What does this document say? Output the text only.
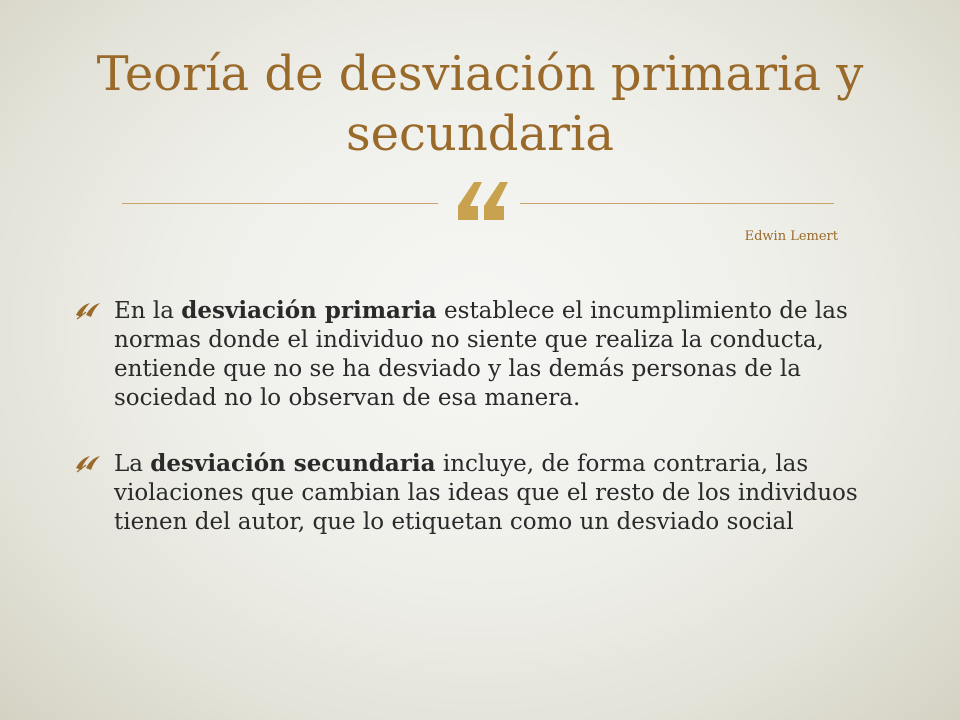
Teoría de desviación primaria y secundaria
Edwin Lemert
En la desviación primaria establece el incumplimiento de las normas donde el individuo no siente que realiza la conducta, entiende que no se ha desviado y las demás personas de la sociedad no lo observan de esa manera.
La desviación secundaria incluye, de forma contraria, las violaciones que cambian las ideas que el resto de los individuos tienen del autor, que lo etiquetan como un desviado social
